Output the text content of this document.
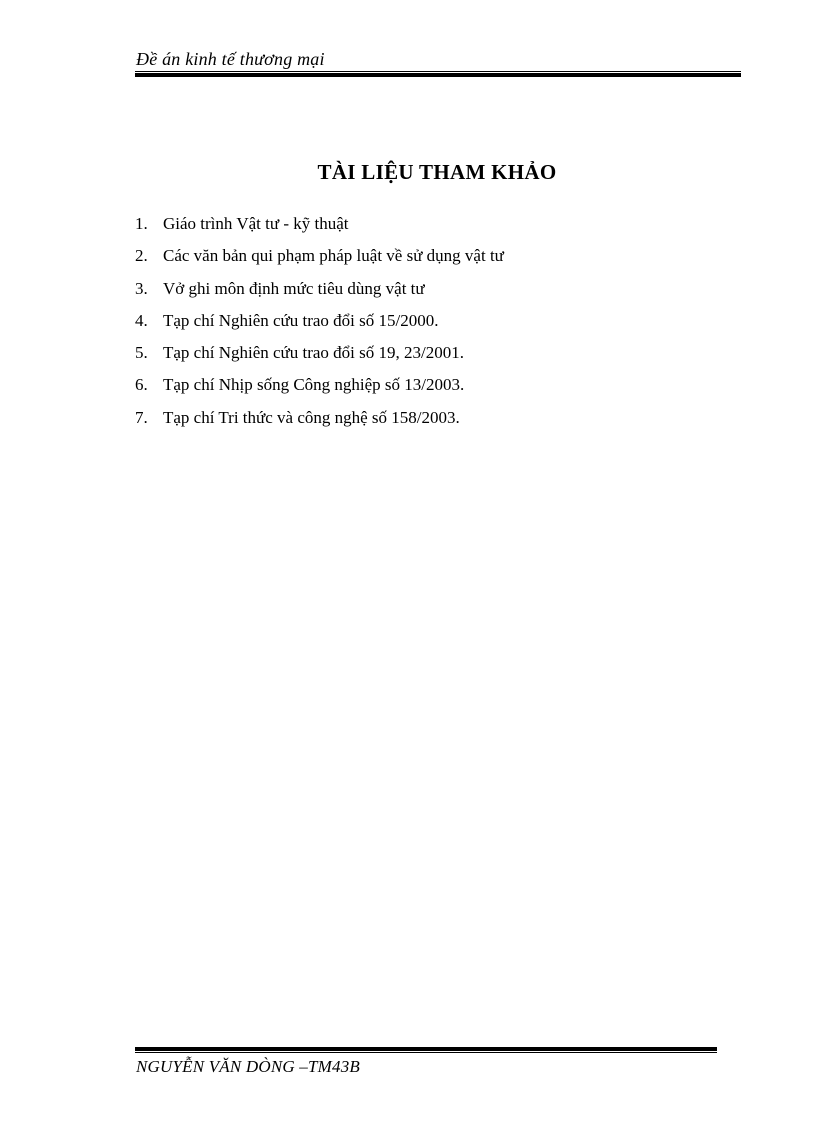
Đề án kinh tế thương mại
TÀI LIỆU THAM KHẢO
1. Giáo trình Vật tư - kỹ thuật
2. Các văn bản qui phạm pháp luật về sử dụng vật tư
3. Vở ghi môn định mức tiêu dùng vật tư
4. Tạp chí Nghiên cứu trao đổi số 15/2000.
5. Tạp chí Nghiên cứu trao đổi số 19, 23/2001.
6. Tạp chí Nhịp sống Công nghiệp số 13/2003.
7. Tạp chí Tri thức và công nghệ số 158/2003.
NGUYỄN VĂN DÒNG –TM43B
